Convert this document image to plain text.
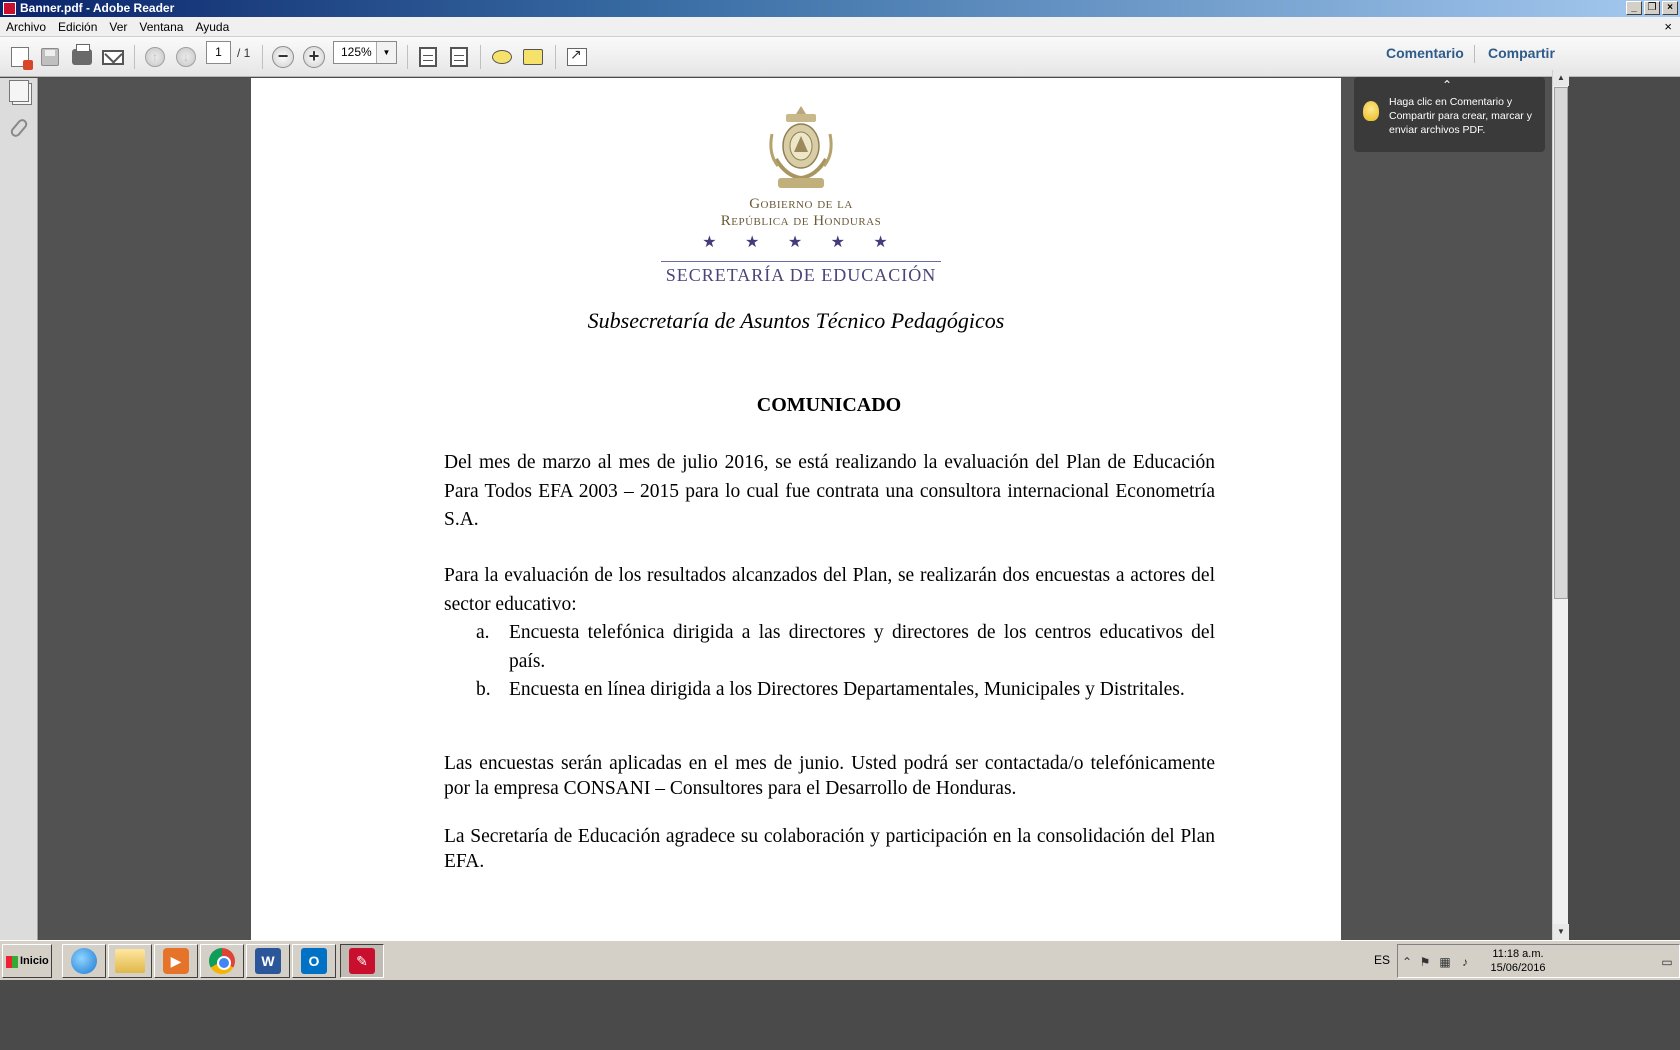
Banner.pdf - Adobe Reader	_	❐	×
Archivo	Edición	Ver	Ventana	Ayuda	×
↑	↓	/ 1	−	+
↗
1	125%	▼	Comentario Compartir
Gobierno de la
República de Honduras
★ ★ ★ ★ ★
SECRETARÍA DE EDUCACIÓN
Subsecretaría de Asuntos Técnico Pedagógicos
COMUNICADO
Del mes de marzo al mes de julio 2016, se está realizando la evaluación del Plan de Educación Para Todos EFA 2003 – 2015 para lo cual fue contrata una consultora internacional Econometría S.A.
Para la evaluación de los resultados alcanzados del Plan, se realizarán dos encuestas a actores del sector educativo:
a. Encuesta telefónica dirigida a las directores y directores de los centros educativos del país.
b. Encuesta en línea dirigida a los Directores Departamentales, Municipales y Distritales.
Las encuestas serán aplicadas en el mes de junio. Usted podrá ser contactada/o telefónicamente por la empresa CONSANI – Consultores para el Desarrollo de Honduras.
La Secretaría de Educación agradece su colaboración y participación en la consolidación del Plan EFA.
⌃
Haga clic en Comentario y Compartir para crear, marcar y enviar archivos PDF.
▲
▼
Inicio	▶	W	O	✎	ES ⌃ ⚑ ▦ ♪
11:18 a.m.
15/06/2016	▭
